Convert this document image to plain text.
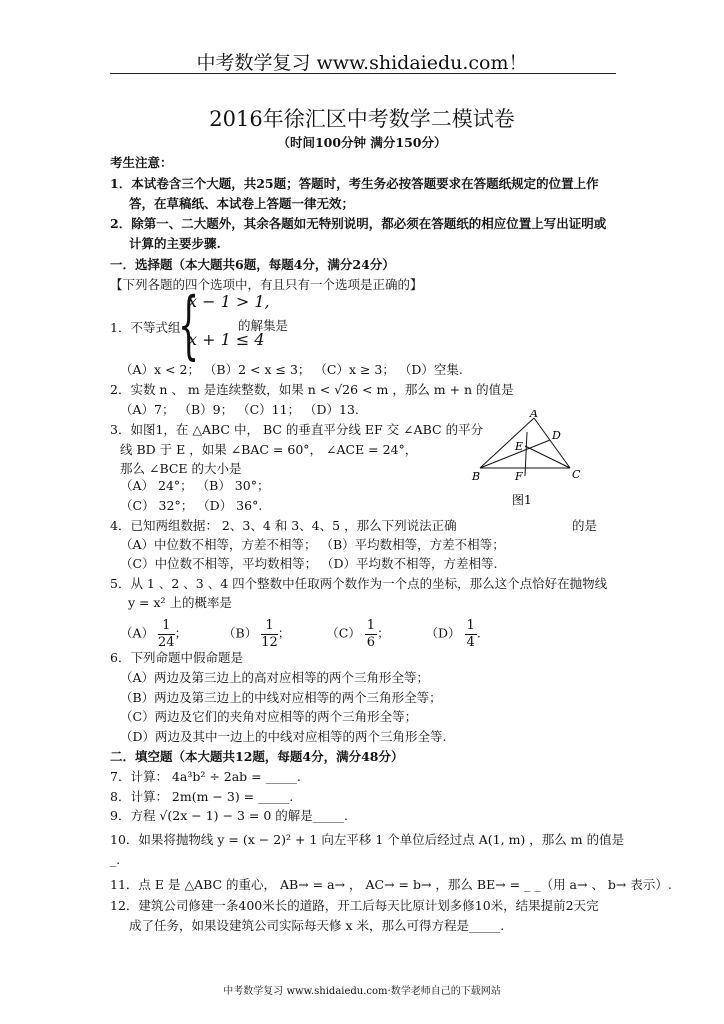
中考数学复习 www.shidaiedu.com！
2016年徐汇区中考数学二模试卷
（时间100分钟 满分150分）
考生注意：
1．本试卷含三个大题，共25题；答题时，考生务必按答题要求在答题纸规定的位置上作
答，在草稿纸、本试卷上答题一律无效；
2．除第一、二大题外，其余各题如无特别说明，都必须在答题纸的相应位置上写出证明或
计算的主要步骤.
一．选择题（本大题共6题，每题4分，满分24分）
【下列各题的四个选项中，有且只有一个选项是正确的】
1．不等式组
{
x − 1 > 1,
x + 1 ≤ 4
的解集是
（A）x < 2； （B）2 < x ≤ 3； （C）x ≥ 3； （D）空集.
2．实数 n 、 m 是连续整数，如果 n < √26 < m ，那么 m + n 的值是
（A）7； （B）9； （C）11； （D）13.
3．如图1，在 △ABC 中， BC 的垂直平分线 EF 交 ∠ABC 的平分
线 BD 于 E ，如果 ∠BAC = 60°， ∠ACE = 24°，
那么 ∠BCE 的大小是
（A） 24°； （B） 30°；
（C） 32°； （D） 36°.
A
D
E
B	C
F
图1
4．已知两组数据： 2、3、4 和 3、4、5 ，那么下列说法正确	的是
（A）中位数不相等，方差不相等； （B）平均数相等，方差不相等；
（C）中位数不相等，平均数相等； （D）平均数不相等，方差相等.
5．从 1 、2 、3 、4 四个整数中任取两个数作为一个点的坐标，那么这个点恰好在抛物线
y = x² 上的概率是
$(A) \frac{1}{24}$ ；	$(B) \frac{1}{12}$ ；	$(C) \frac{1}{6}$ ；	$(D) \frac{1}{4}$ .
6．下列命题中假命题是
（A）两边及第三边上的高对应相等的两个三角形全等；
（B）两边及第三边上的中线对应相等的两个三角形全等；
（C）两边及它们的夹角对应相等的两个三角形全等；
（D）两边及其中一边上的中线对应相等的两个三角形全等.
二．填空题（本大题共12题，每题4分，满分48分）
7．计算： 4a³b² ÷ 2ab = _____.
8．计算： 2m(m − 3) = _____.
9．方程 √(2x − 1) − 3 = 0 的解是_____.
10．如果将抛物线 y = (x − 2)² + 1 向左平移 1 个单位后经过点 A(1, m) ，那么 m 的值是
_.
11．点 E 是 △ABC 的重心， AB→ = a→ ， AC→ = b→ ，那么 BE→ = _ _（用 a→ 、 b→ 表示）.
12．建筑公司修建一条400米长的道路，开工后每天比原计划多修10米，结果提前2天完
成了任务，如果设建筑公司实际每天修 x 米，那么可得方程是_____.
中考数学复习 www.shidaiedu.com·数学老师自己的下载网站
